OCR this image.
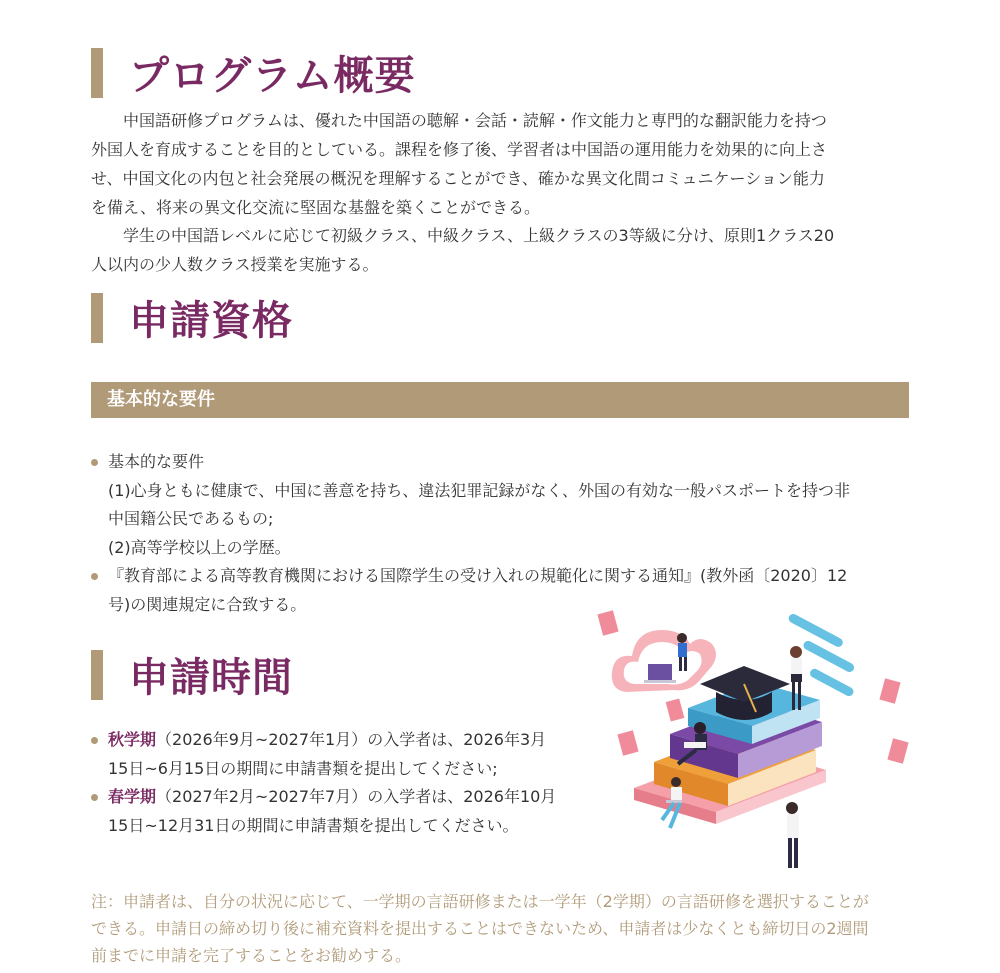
プログラム概要

中国語研修プログラムは、優れた中国語の聴解・会話・読解・作文能力と専門的な翻訳能力を持つ
外国人を育成することを目的としている。課程を修了後、学習者は中国語の運用能力を効果的に向上さ
せ、中国文化の内包と社会発展の概況を理解することができ、確かな異文化間コミュニケーション能力
を備え、将来の異文化交流に堅固な基盤を築くことができる。

学生の中国語レベルに応じて初級クラス、中級クラス、上級クラスの3等級に分け、原則1クラス20
人以内の少人数クラス授業を実施する。

申請資格
基本的な要件
基本的な要件
(1)心身ともに健康で、中国に善意を持ち、違法犯罪記録がなく、外国の有効な一般パスポートを持つ非
中国籍公民であるもの;
(2)高等学校以上の学歴。
『教育部による高等教育機関における国際学生の受け入れの規範化に関する通知』(教外函〔2020〕12
号)の関連規定に合致する。
申請時間
秋学期（2026年9月~2027年1月）の入学者は、2026年3月
15日~6月15日の期間に申請書類を提出してください;
春学期（2027年2月~2027年7月）の入学者は、2026年10月
15日~12月31日の期間に申請書類を提出してください。

注：申請者は、自分の状況に応じて、一学期の言語研修または一学年（2学期）の言語研修を選択することが
できる。申請日の締め切り後に補充資料を提出することはできないため、申請者は少なくとも締切日の2週間
前までに申請を完了することをお勧めする。
